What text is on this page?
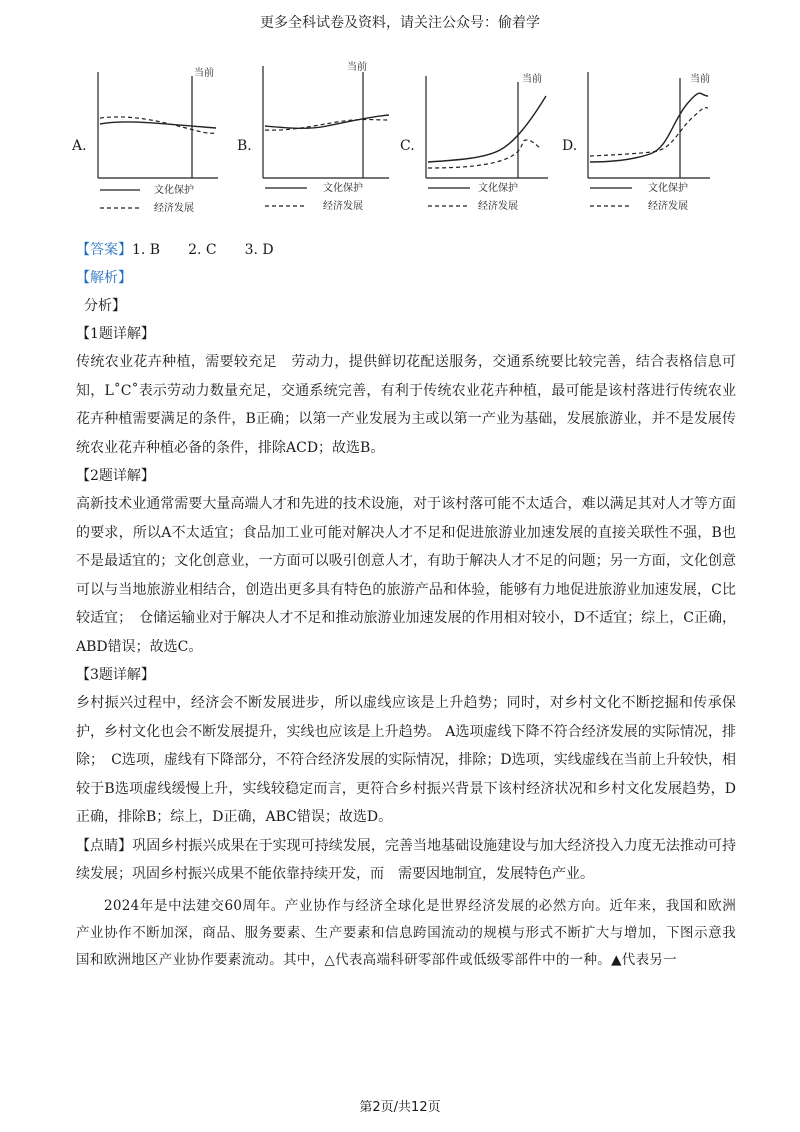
更多全科试卷及资料，请关注公众号：偷着学
A.
当前
文化保护
经济发展
B.
当前
文化保护
经济发展
C.
当前
文化保护
经济发展
D.
当前
文化保护
经济发展
【答案】1. B　　2. C　　3. D
【解析】
分析】
【1题详解】

传统农业花卉种植，需要较充足　劳动力，提供鲜切花配送服务，交通系统要比较完善，结合表格信息可知，L˚C˚表示劳动力数量充足，交通系统完善，有利于传统农业花卉种植，最可能是该村落进行传统农业花卉种植需要满足的条件，B正确；以第一产业发展为主或以第一产业为基础，发展旅游业，并不是发展传统农业花卉种植必备的条件，排除ACD；故选B。

【2题详解】

高新技术业通常需要大量高端人才和先进的技术设施，对于该村落可能不太适合，难以满足其对人才等方面的要求，所以A不太适宜；食品加工业可能对解决人才不足和促进旅游业加速发展的直接关联性不强，B也不是最适宜的；文化创意业，一方面可以吸引创意人才，有助于解决人才不足的问题；另一方面，文化创意可以与当地旅游业相结合，创造出更多具有特色的旅游产品和体验，能够有力地促进旅游业加速发展，C比较适宜；　仓储运输业对于解决人才不足和推动旅游业加速发展的作用相对较小，D不适宜；综上，C正确，ABD错误；故选C。

【3题详解】

乡村振兴过程中，经济会不断发展进步，所以虚线应该是上升趋势；同时，对乡村文化不断挖掘和传承保护，乡村文化也会不断发展提升，实线也应该是上升趋势。 A选项虚线下降不符合经济发展的实际情况，排除；　C选项，虚线有下降部分，不符合经济发展的实际情况，排除；D选项，实线虚线在当前上升较快，相较于B选项虚线缓慢上升，实线较稳定而言，更符合乡村振兴背景下该村经济状况和乡村文化发展趋势，D正确，排除B；综上，D正确，ABC错误；故选D。

【点睛】巩固乡村振兴成果在于实现可持续发展，完善当地基础设施建设与加大经济投入力度无法推动可持续发展；巩固乡村振兴成果不能依靠持续开发，而　需要因地制宜，发展特色产业。

2024年是中法建交60周年。产业协作与经济全球化是世界经济发展的必然方向。近年来，我国和欧洲产业协作不断加深，商品、服务要素、生产要素和信息跨国流动的规模与形式不断扩大与增加，下图示意我国和欧洲地区产业协作要素流动。其中，△代表高端科研零部件或低级零部件中的一种。▲代表另一

第2页/共12页
